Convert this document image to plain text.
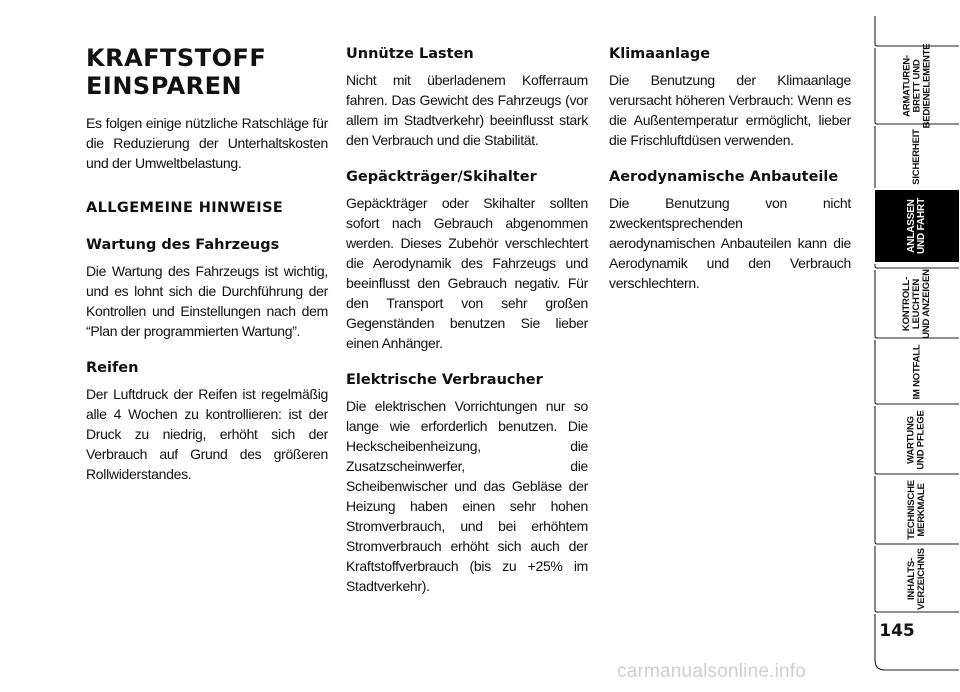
KRAFTSTOFF
EINSPAREN

Es folgen einige nützliche Ratschläge für die Reduzierung der Unterhaltskosten und der Umweltbelastung.

ALLGEMEINE HINWEISE
Wartung des Fahrzeugs

Die Wartung des Fahrzeugs ist wichtig, und es lohnt sich die Durchführung der Kontrollen und Einstellungen nach dem “Plan der programmierten Wartung”.

Reifen

Der Luftdruck der Reifen ist regelmäßig alle 4 Wochen zu kontrollieren: ist der Druck zu niedrig, erhöht sich der Verbrauch auf Grund des größeren Rollwiderstandes.

Unnütze Lasten

Nicht mit überladenem Kofferraum fahren. Das Gewicht des Fahrzeugs (vor allem im Stadtverkehr) beeinflusst stark den Verbrauch und die Stabilität.

Gepäckträger/Skihalter

Gepäckträger oder Skihalter sollten sofort nach Gebrauch abgenommen werden. Dieses Zubehör verschlechtert die Aerodynamik des Fahrzeugs und beeinflusst den Gebrauch negativ. Für den Transport von sehr großen Gegenständen benutzen Sie lieber einen Anhänger.

Elektrische Verbraucher

Die elektrischen Vorrichtungen nur so lange wie erforderlich benutzen. Die Heckscheibenheizung, die Zusatzscheinwerfer, die Scheibenwischer und das Gebläse der Heizung haben einen sehr hohen Stromverbrauch, und bei erhöhtem Stromverbrauch erhöht sich auch der Kraftstoffverbrauch (bis zu +25% im Stadtverkehr).

Klimaanlage

Die Benutzung der Klimaanlage verursacht höheren Verbrauch: Wenn es die Außentemperatur ermöglicht, lieber die Frischluftdüsen verwenden.

Aerodynamische Anbauteile

Die Benutzung von nicht zweckentsprechenden aerodynamischen Anbauteilen kann die Aerodynamik und den Verbrauch verschlechtern.

ARMATUREN-
BRETT UND
BEDIENELEMENTE
SICHERHEIT
ANLASSEN
UND FAHRT
KONTROLL-
LEUCHTEN
UND ANZEIGEN
IM NOTFALL
WARTUNG
UND PFLEGE
TECHNISCHE
MERKMALE
INHALTS-
VERZEICHNIS
145
carmanualsonline.info
